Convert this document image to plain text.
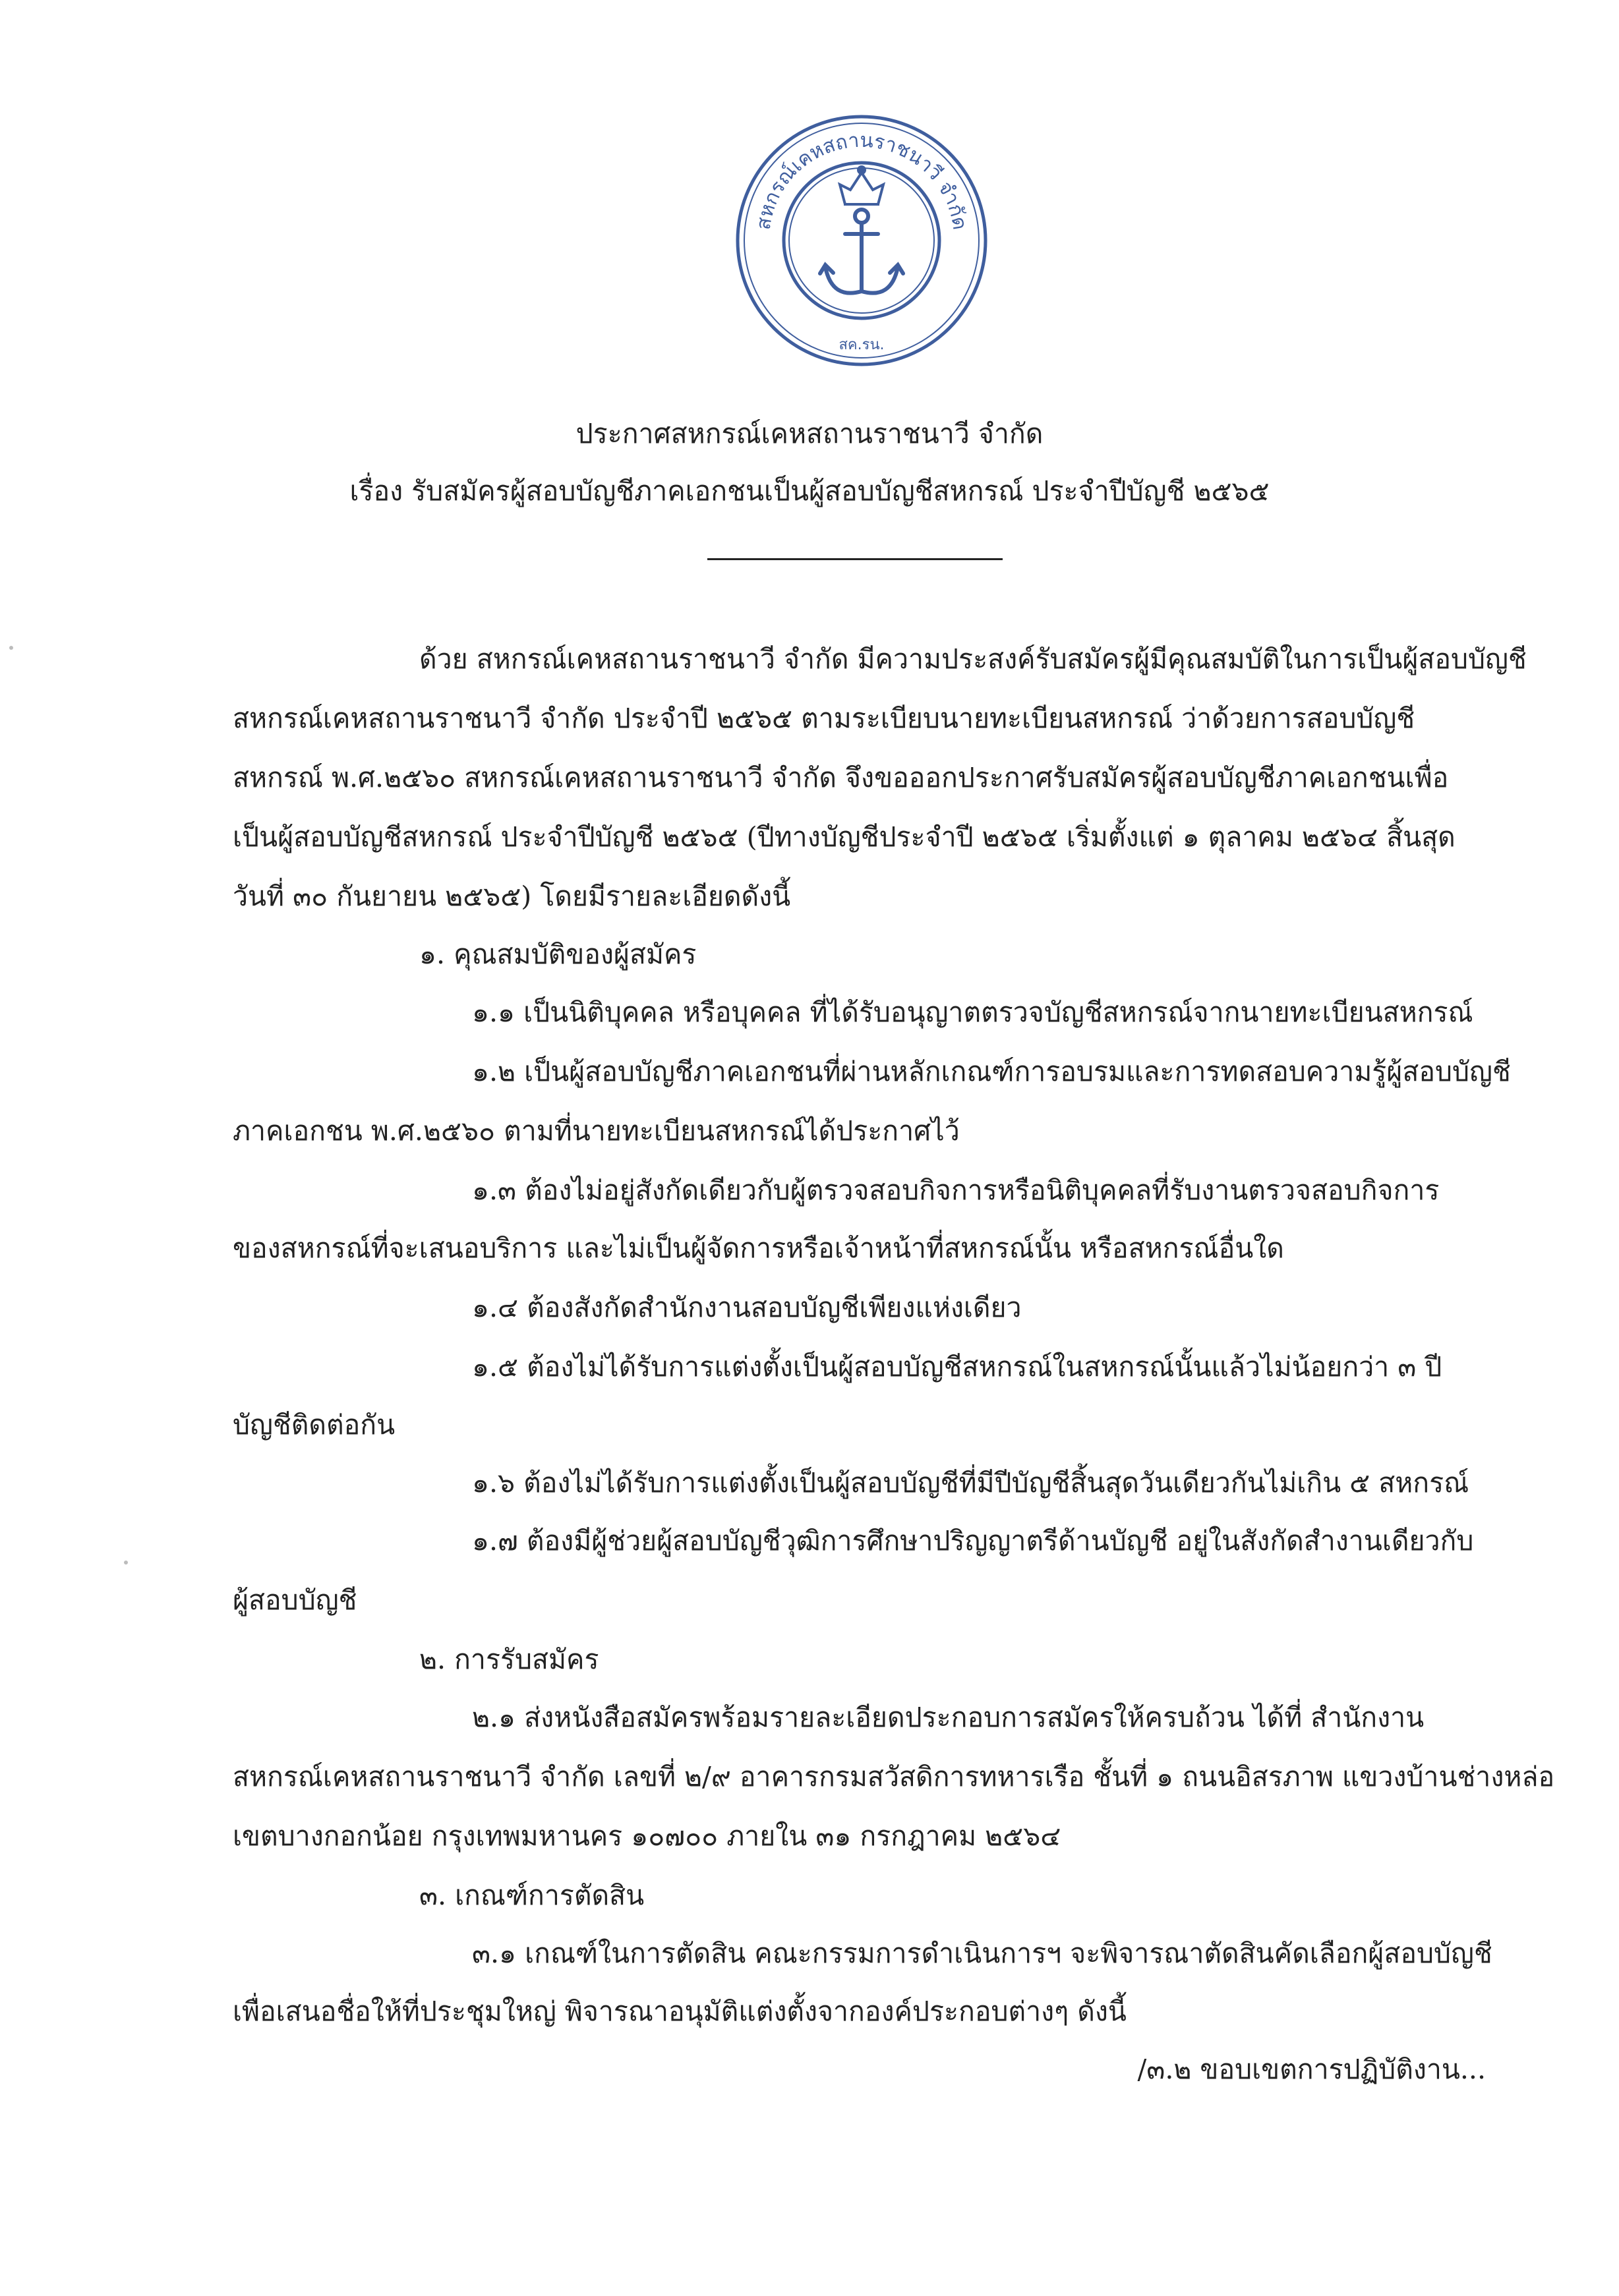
สหกรณ์เคหสถานราชนาวี จำกัด
สค.รน.
ประกาศสหกรณ์เคหสถานราชนาวี จำกัด
เรื่อง รับสมัครผู้สอบบัญชีภาคเอกชนเป็นผู้สอบบัญชีสหกรณ์ ประจำปีบัญชี ๒๕๖๕
ด้วย สหกรณ์เคหสถานราชนาวี จำกัด มีความประสงค์รับสมัครผู้มีคุณสมบัติในการเป็นผู้สอบบัญชี
สหกรณ์เคหสถานราชนาวี จำกัด ประจำปี ๒๕๖๕ ตามระเบียบนายทะเบียนสหกรณ์ ว่าด้วยการสอบบัญชี
สหกรณ์ พ.ศ.๒๕๖๐ สหกรณ์เคหสถานราชนาวี จำกัด จึงขอออกประกาศรับสมัครผู้สอบบัญชีภาคเอกชนเพื่อ
เป็นผู้สอบบัญชีสหกรณ์ ประจำปีบัญชี ๒๕๖๕ (ปีทางบัญชีประจำปี ๒๕๖๕ เริ่มตั้งแต่ ๑ ตุลาคม ๒๕๖๔ สิ้นสุด
วันที่ ๓๐ กันยายน ๒๕๖๕) โดยมีรายละเอียดดังนี้
๑. คุณสมบัติของผู้สมัคร
๑.๑ เป็นนิติบุคคล หรือบุคคล ที่ได้รับอนุญาตตรวจบัญชีสหกรณ์จากนายทะเบียนสหกรณ์
๑.๒ เป็นผู้สอบบัญชีภาคเอกชนที่ผ่านหลักเกณฑ์การอบรมและการทดสอบความรู้ผู้สอบบัญชี
ภาคเอกชน พ.ศ.๒๕๖๐ ตามที่นายทะเบียนสหกรณ์ได้ประกาศไว้
๑.๓ ต้องไม่อยู่สังกัดเดียวกับผู้ตรวจสอบกิจการหรือนิติบุคคลที่รับงานตรวจสอบกิจการ
ของสหกรณ์ที่จะเสนอบริการ และไม่เป็นผู้จัดการหรือเจ้าหน้าที่สหกรณ์นั้น หรือสหกรณ์อื่นใด
๑.๔ ต้องสังกัดสำนักงานสอบบัญชีเพียงแห่งเดียว
๑.๕ ต้องไม่ได้รับการแต่งตั้งเป็นผู้สอบบัญชีสหกรณ์ในสหกรณ์นั้นแล้วไม่น้อยกว่า ๓ ปี
บัญชีติดต่อกัน
๑.๖ ต้องไม่ได้รับการแต่งตั้งเป็นผู้สอบบัญชีที่มีปีบัญชีสิ้นสุดวันเดียวกันไม่เกิน ๕ สหกรณ์
๑.๗ ต้องมีผู้ช่วยผู้สอบบัญชีวุฒิการศึกษาปริญญาตรีด้านบัญชี อยู่ในสังกัดสำงานเดียวกับ
ผู้สอบบัญชี
๒. การรับสมัคร
๒.๑ ส่งหนังสือสมัครพร้อมรายละเอียดประกอบการสมัครให้ครบถ้วน ได้ที่ สำนักงาน
สหกรณ์เคหสถานราชนาวี จำกัด เลขที่ ๒/๙ อาคารกรมสวัสดิการทหารเรือ ชั้นที่ ๑ ถนนอิสรภาพ แขวงบ้านช่างหล่อ
เขตบางกอกน้อย กรุงเทพมหานคร ๑๐๗๐๐ ภายใน ๓๑ กรกฎาคม ๒๕๖๔
๓. เกณฑ์การตัดสิน
๓.๑ เกณฑ์ในการตัดสิน คณะกรรมการดำเนินการฯ จะพิจารณาตัดสินคัดเลือกผู้สอบบัญชี
เพื่อเสนอชื่อให้ที่ประชุมใหญ่ พิจารณาอนุมัติแต่งตั้งจากองค์ประกอบต่างๆ ดังนี้
/๓.๒ ขอบเขตการปฏิบัติงาน...
